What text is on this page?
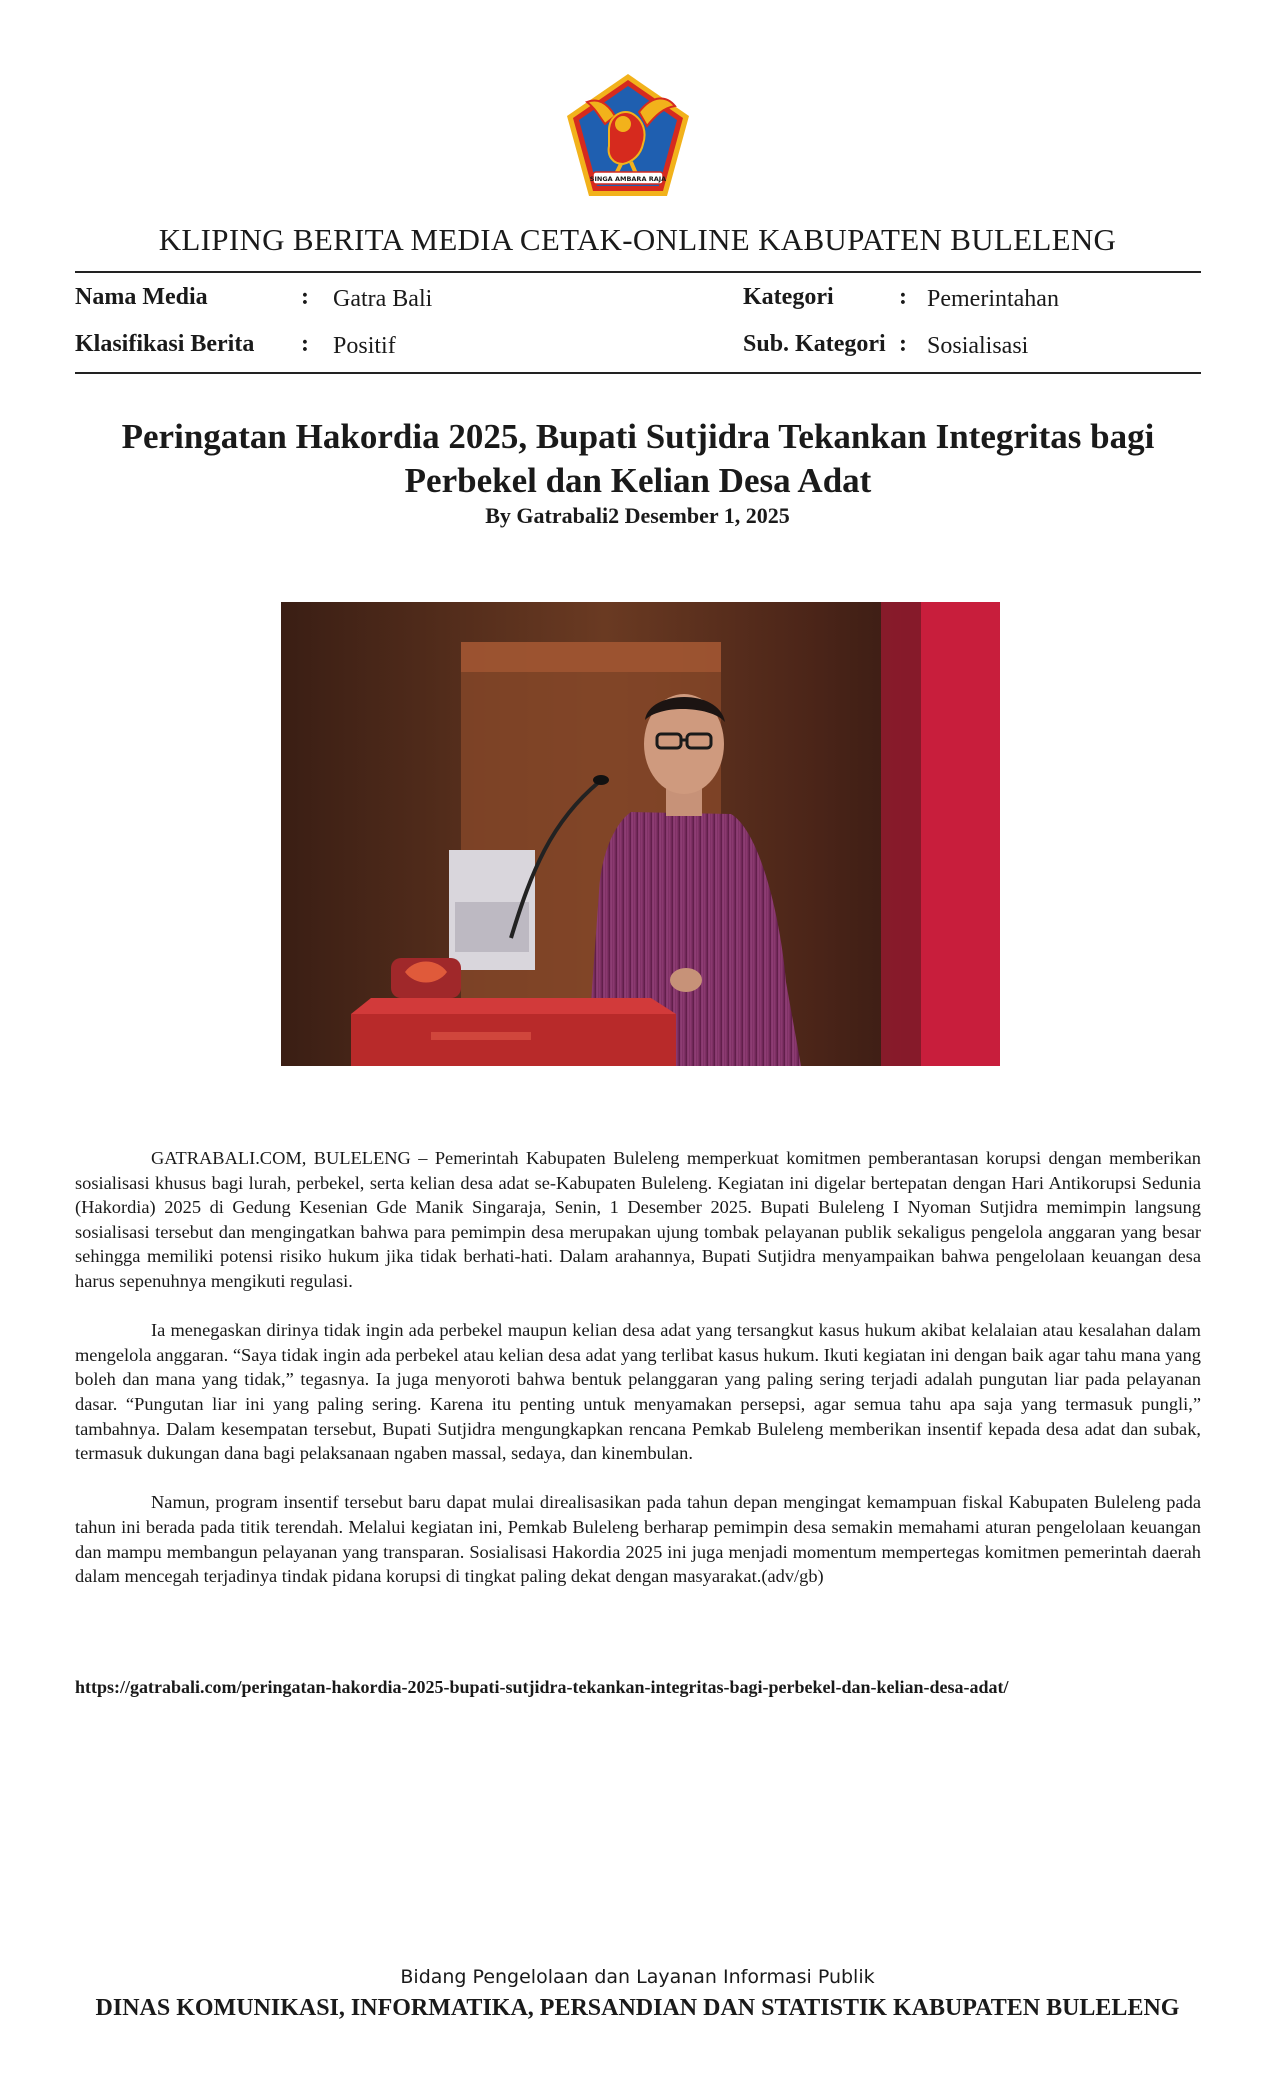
SINGA AMBARA RAJA
KLIPING BERITA MEDIA CETAK-ONLINE KABUPATEN BULELENG
Nama Media	: Gatra Bali	Kategori	: Pemerintahan
Klasifikasi Berita : Positif	Sub. Kategori : Sosialisasi
Peringatan Hakordia 2025, Bupati Sutjidra Tekankan Integritas bagi Perbekel dan Kelian Desa Adat
By Gatrabali2 Desember 1, 2025

GATRABALI.COM, BULELENG – Pemerintah Kabupaten Buleleng memperkuat komitmen pemberantasan korupsi dengan memberikan sosialisasi khusus bagi lurah, perbekel, serta kelian desa adat se-Kabupaten Buleleng. Kegiatan ini digelar bertepatan dengan Hari Antikorupsi Sedunia (Hakordia) 2025 di Gedung Kesenian Gde Manik Singaraja, Senin, 1 Desember 2025. Bupati Buleleng I Nyoman Sutjidra memimpin langsung sosialisasi tersebut dan mengingatkan bahwa para pemimpin desa merupakan ujung tombak pelayanan publik sekaligus pengelola anggaran yang besar sehingga memiliki potensi risiko hukum jika tidak berhati-hati. Dalam arahannya, Bupati Sutjidra menyampaikan bahwa pengelolaan keuangan desa harus sepenuhnya mengikuti regulasi.

Ia menegaskan dirinya tidak ingin ada perbekel maupun kelian desa adat yang tersangkut kasus hukum akibat kelalaian atau kesalahan dalam mengelola anggaran. “Saya tidak ingin ada perbekel atau kelian desa adat yang terlibat kasus hukum. Ikuti kegiatan ini dengan baik agar tahu mana yang boleh dan mana yang tidak,” tegasnya. Ia juga menyoroti bahwa bentuk pelanggaran yang paling sering terjadi adalah pungutan liar pada pelayanan dasar. “Pungutan liar ini yang paling sering. Karena itu penting untuk menyamakan persepsi, agar semua tahu apa saja yang termasuk pungli,” tambahnya. Dalam kesempatan tersebut, Bupati Sutjidra mengungkapkan rencana Pemkab Buleleng memberikan insentif kepada desa adat dan subak, termasuk dukungan dana bagi pelaksanaan ngaben massal, sedaya, dan kinembulan.

Namun, program insentif tersebut baru dapat mulai direalisasikan pada tahun depan mengingat kemampuan fiskal Kabupaten Buleleng pada tahun ini berada pada titik terendah. Melalui kegiatan ini, Pemkab Buleleng berharap pemimpin desa semakin memahami aturan pengelolaan keuangan dan mampu membangun pelayanan yang transparan. Sosialisasi Hakordia 2025 ini juga menjadi momentum mempertegas komitmen pemerintah daerah dalam mencegah terjadinya tindak pidana korupsi di tingkat paling dekat dengan masyarakat.(adv/gb)

https://gatrabali.com/peringatan-hakordia-2025-bupati-sutjidra-tekankan-integritas-bagi-perbekel-dan-kelian-desa-adat/
Bidang Pengelolaan dan Layanan Informasi Publik
DINAS KOMUNIKASI, INFORMATIKA, PERSANDIAN DAN STATISTIK KABUPATEN BULELENG
